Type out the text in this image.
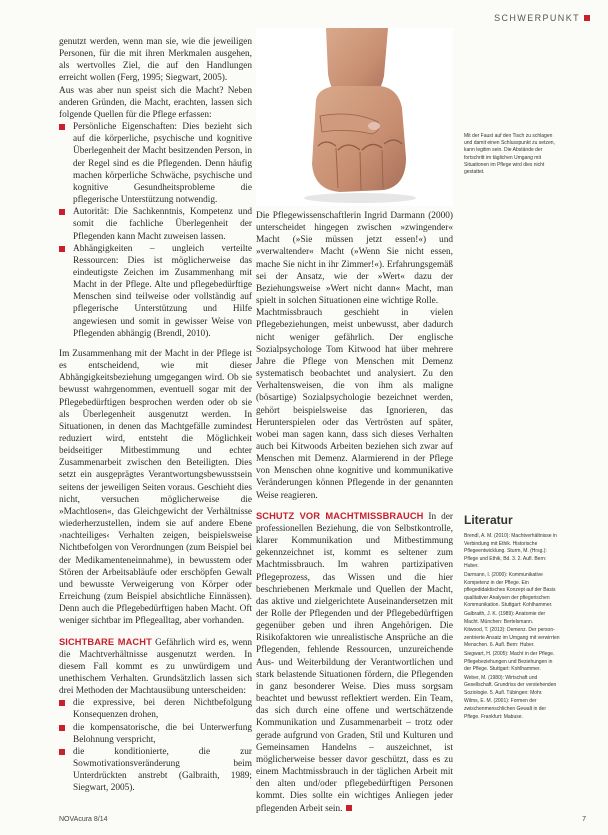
SCHWERPUNKT

genutzt werden, wenn man sie, wie die jeweiligen Personen, für die mit ihren Merkmalen ausgehen, als wertvolles Ziel, die auf den Handlungen erreicht wollen (Ferg, 1995; Siegwart, 2005).

Aus was aber nun speist sich die Macht? Neben anderen Gründen, die Macht, erachten, lassen sich folgende Quellen für die Pflege erfassen:

Persönliche Eigenschaften: Dies bezieht sich auf die körperliche, psychische und kognitive Überlegenheit der Macht besitzenden Person, in der Regel sind es die Pflegenden. Denn häufig machen körperliche Schwäche, psychische und kognitive Gesundheitsprobleme die pflegerische Unterstützung notwendig.
Autorität: Die Sachkenntnis, Kompetenz und somit die fachliche Überlegenheit der Pflegenden kann Macht zuweisen lassen.
Abhängigkeiten – ungleich verteilte Ressourcen: Dies ist möglicherweise das eindeutigste Zeichen im Zusammenhang mit Macht in der Pflege. Alte und pflegebedürftige Menschen sind teilweise oder vollständig auf pflegerische Unterstützung und Hilfe angewiesen und somit in gewisser Weise von Pflegenden abhängig (Brendl, 2010).

Im Zusammenhang mit der Macht in der Pflege ist es entscheidend, wie mit dieser Abhängigkeitsbeziehung umgegangen wird. Ob sie bewusst wahrgenommen, eventuell sogar mit der Pflegebedürftigen besprochen werden oder ob sie als Überlegenheit ausgenutzt werden. In Situationen, in denen das Machtgefälle zumindest reduziert wird, entsteht die Möglichkeit beidseitiger Mitbestimmung und echter Zusammenarbeit zwischen den Beteiligten. Dies setzt ein ausgeprägtes Verantwortungsbewusstsein seitens der jeweiligen Seiten voraus. Geschieht dies nicht, versuchen möglicherweise die »Machtlosen«, das Gleichgewicht der Verhältnisse wiederherzustellen, indem sie auf andere Ebene ›nachteiliges‹ Verhalten zeigen, beispielsweise Nichtbefolgen von Verordnungen (zum Beispiel bei der Medikamenteneinnahme), in bewusstem oder Stören der Arbeitsabläufe oder erschöpfen Gewalt und bewusste Verweigerung von Körper oder Erreichung (zum Beispiel absichtliche Einnässen). Denn auch die Pflegebedürftigen haben Macht. Oft weniger sichtbar im Pflegealltag, aber vorhanden.

SICHTBARE MACHT Gefährlich wird es, wenn die Machtverhältnisse ausgenutzt werden. In diesem Fall kommt es zu unwürdigem und unethischem Verhalten. Grundsätzlich lassen sich drei Methoden der Machtausübung unterscheiden:

die expressive, bei deren Nichtbefolgung Konsequenzen drohen,
die kompensatorische, die bei Unterwerfung Belohnung verspricht,
die konditionierte, die zur Sowmotivationsveränderung beim Unterdrückten anstrebt (Galbraith, 1989; Siegwart, 2005).
Mit der Faust auf den Tisch zu schlagen und damit einen Schlusspunkt zu setzen, kann legitim sein. Die Abstände der fortschritt im täglichen Umgang mit Situationen im Pflege wird dies nicht gestattet.

Die Pflegewissenschaftlerin Ingrid Darmann (2000) unterscheidet hingegen zwischen »zwingender« Macht (»Sie müssen jetzt essen!«) und »verwaltender« Macht (»Wenn Sie nicht essen, mache Sie nicht in ihr Zimmer!«). Erfahrungsgemäß sei der Ansatz, wie der »Wert« dazu der Beziehungsweise »Wert nicht dann« Macht, man spielt in solchen Situationen eine wichtige Rolle.

Machtmissbrauch geschieht in vielen Pflegebeziehungen, meist unbewusst, aber dadurch nicht weniger gefährlich. Der englische Sozialpsychologe Tom Kitwood hat über mehrere Jahre die Pflege von Menschen mit Demenz systematisch beobachtet und analysiert. Zu den Verhaltensweisen, die von ihm als maligne (bösartige) Sozialpsychologie bezeichnet werden, gehört beispielsweise das Ignorieren, das Herunterspielen oder das Vertrösten auf später, wobei man sagen kann, dass sich dieses Verhalten auch bei Kitwoods Arbeiten beziehen sich zwar auf Menschen mit Demenz. Alarmierend in der Pflege von Menschen ohne kognitive und kommunikative Veränderungen können Pflegende in der genannten Weise reagieren.

SCHUTZ VOR MACHTMISSBRAUCH In der professionellen Beziehung, die von Selbstkontrolle, klarer Kommunikation und Mitbestimmung gekennzeichnet ist, kommt es seltener zum Machtmissbrauch. Im wahren partizipativen Pflegeprozess, das Wissen und die hier beschriebenen Merkmale und Quellen der Macht, das aktive und zielgerichtete Auseinandersetzen mit der Rolle der Pflegenden und der Pflegebedürftigen gegenüber geben und ihren Angehörigen. Die Risikofaktoren wie unrealistische Ansprüche an die Pflegenden, fehlende Ressourcen, unzureichende Aus- und Weiterbildung der Verantwortlichen und stark belastende Situationen fördern, die Pflegenden in ganz besonderer Weise. Dies muss sorgsam beachtet und bewusst reflektiert werden. Ein Team, das sich durch eine offene und wertschätzende Kommunikation und Zusammenarbeit – trotz oder gerade aufgrund von Graden, Stil und Kulturen und Gemeinsamen Handelns – auszeichnet, ist möglicherweise besser davor geschützt, dass es zu einem Machtmissbrauch in der täglichen Arbeit mit den alten und/oder pflegebedürftigen Personen kommt. Dies sollte ein wichtiges Anliegen jeder pflegenden Arbeit sein.

Literatur

Brendl, A. M. (2010): Machtverhältnisse in Verbindung mit Ethik. Historische Pflegeentwicklung. Sturm, M. (Hrsg.): Pflege und Ethik, Bd. 3. 2. Aufl. Bern: Huber.

Darmann, I. (2000): Kommunikative Kompetenz in der Pflege. Ein pflegedidaktisches Konzept auf der Basis qualitativer Analysen der pflegerischen Kommunikation. Stuttgart: Kohlhammer.

Galbraith, J. K. (1989): Anatomie der Macht. München: Bertelsmann.

Kitwood, T. (2013): Demenz. Der person-zentrierte Ansatz im Umgang mit verwirrten Menschen. 6. Aufl. Bern: Huber.

Siegwart, H. (2005): Macht in der Pflege. Pflegebeziehungen und Beziehungen in der Pflege. Stuttgart: Kohlhammer.

Weber, M. (1980): Wirtschaft und Gesellschaft. Grundriss der verstehenden Soziologie. 5. Aufl. Tübingen: Mohr.

Wilms, E. M. (2001): Formen der zwischenmenschlichen Gewalt in der Pflege. Frankfurt: Mabuse.

NOVAcura 8/14	7
